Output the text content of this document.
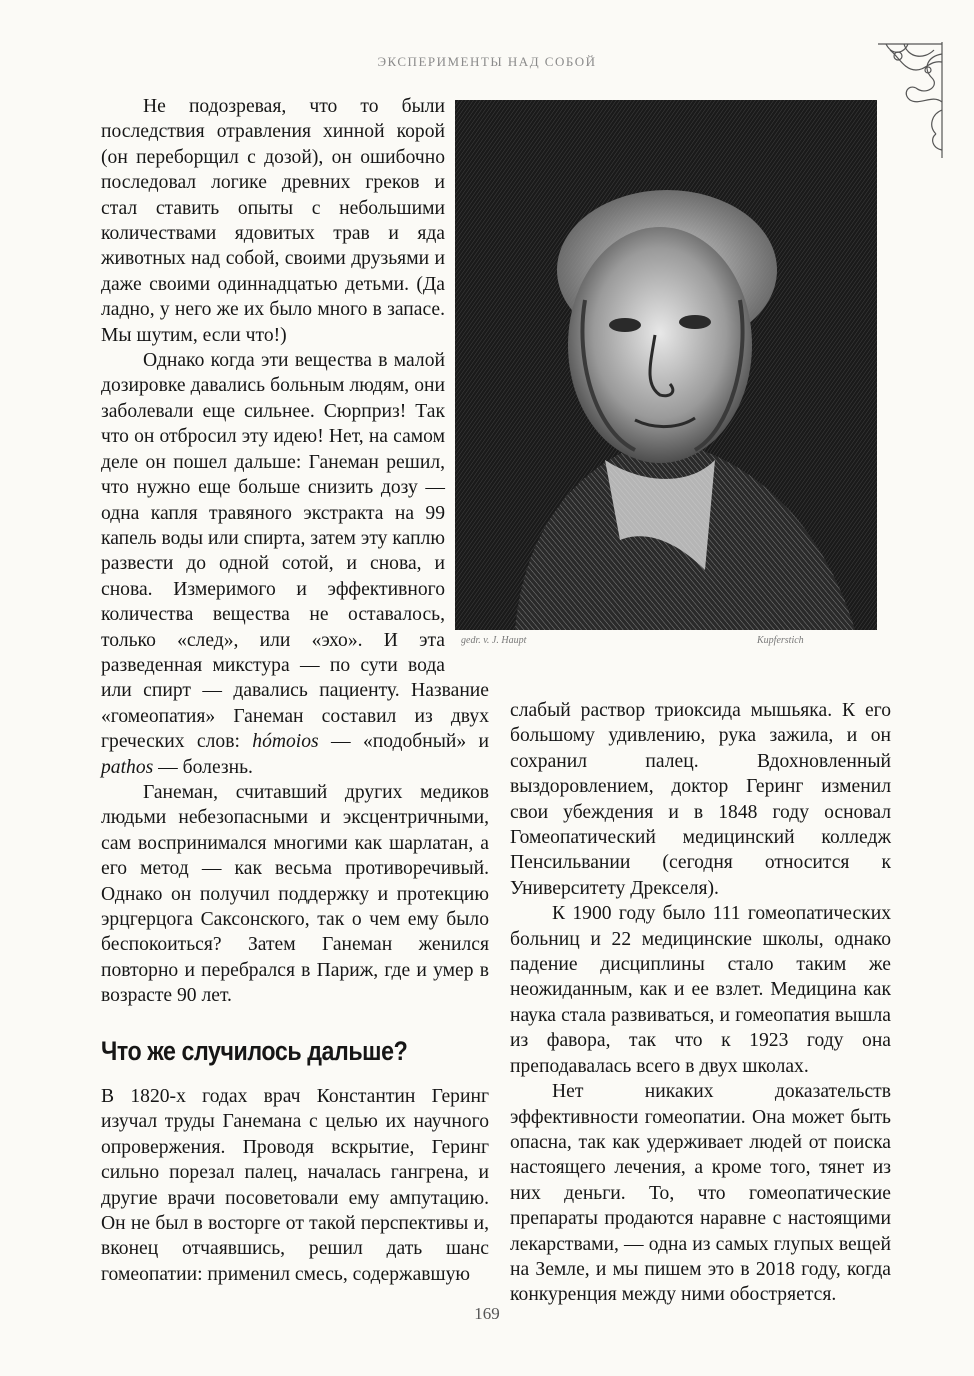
ЭКСПЕРИМЕНТЫ НАД СОБОЙ
gedr. v. J. Haupt	Kupferstich

Не подозревая, что то были последствия отравления хинной корой (он переборщил с дозой), он ошибочно последовал логике древних греков и стал ставить опыты с небольшими количествами ядовитых трав и яда животных над собой, своими друзьями и даже своими одиннадцатью детьми. (Да ладно, у него же их было много в запасе. Мы шутим, если что!)

Однако когда эти вещества в малой дозировке давались больным людям, они заболевали еще сильнее. Сюрприз! Так что он отбросил эту идею! Нет, на самом деле он пошел дальше: Ганеман решил, что нужно еще больше снизить дозу — одна капля травяного экстракта на 99 капель воды или спирта, затем эту каплю развести до одной сотой, и снова, и снова. Измеримого и эффективного количества вещества не оставалось, только «след», или «эхо». И эта разведенная микстура — по сути вода или спирт — давались пациенту. Название «гомеопатия» Ганеман составил из двух греческих слов: hómoios — «подобный» и pathos — болезнь.

Ганеман, считавший других медиков людьми небезопасными и эксцентричными, сам воспринимался многими как шарлатан, а его метод — как весьма противоречивый. Однако он получил поддержку и протекцию эрцгерцога Саксонского, так о чем ему было беспокоиться? Затем Ганеман женился повторно и перебрался в Париж, где и умер в возрасте 90 лет.

Что же случилось дальше?

В 1820-х годах врач Константин Геринг изучал труды Ганемана с целью их научного опровержения. Проводя вскрытие, Геринг сильно порезал палец, началась гангрена, и другие врачи посоветовали ему ампутацию. Он не был в восторге от такой перспективы и, вконец отчаявшись, решил дать шанс гомеопатии: применил смесь, содержавшую

слабый раствор триоксида мышьяка. К его большому удивлению, рука зажила, и он сохранил палец. Вдохновленный выздоровлением, доктор Геринг изменил свои убеждения и в 1848 году основал Гомеопатический медицинский колледж Пенсильвании (сегодня относится к Университету Дрекселя).

К 1900 году было 111 гомеопатических больниц и 22 медицинские школы, однако падение дисциплины стало таким же неожиданным, как и ее взлет. Медицина как наука стала развиваться, и гомеопатия вышла из фавора, так что к 1923 году она преподавалась всего в двух школах.

Нет никаких доказательств эффективности гомеопатии. Она может быть опасна, так как удерживает людей от поиска настоящего лечения, а кроме того, тянет из них деньги. То, что гомеопатические препараты продаются наравне с настоящими лекарствами, — одна из самых глупых вещей на Земле, и мы пишем это в 2018 году, когда конкуренция между ними обостряется.

169
